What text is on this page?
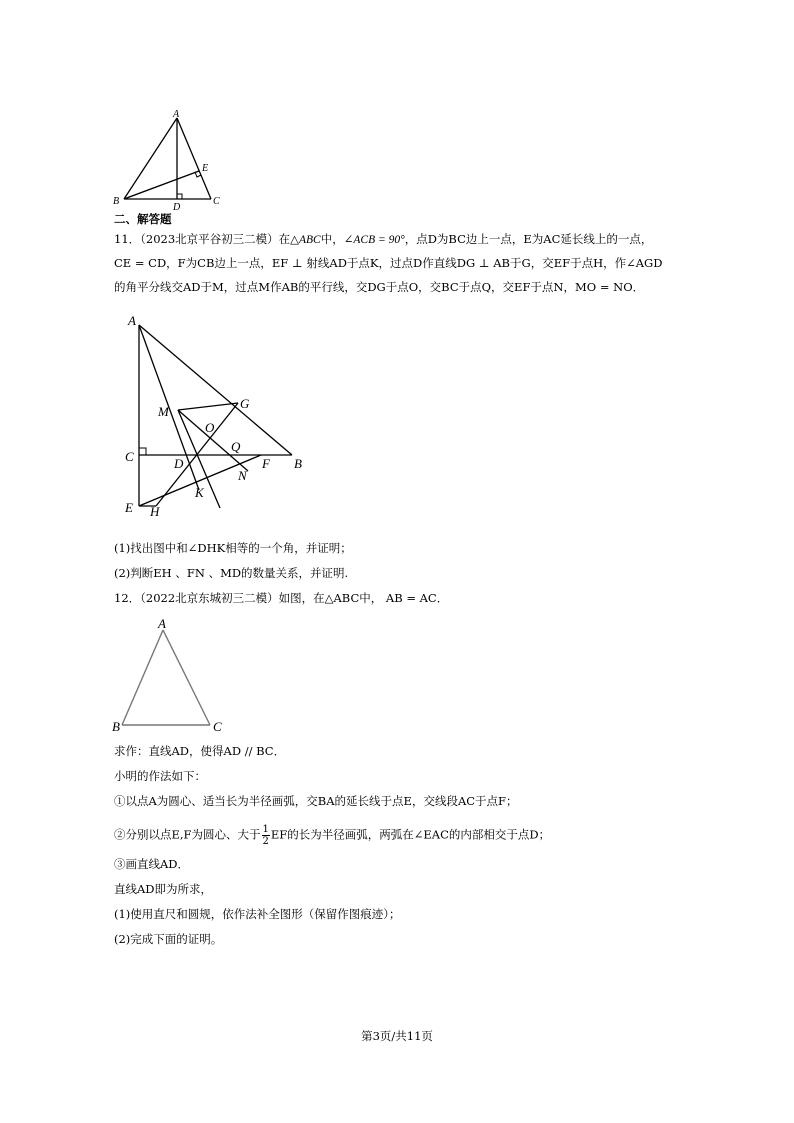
A
B	C
D
E
二、解答题
11．（2023北京平谷初三二模）在△ABC中，∠ACB = 90°，点D为BC边上一点，E为AC延长线上的一点，
CE = CD，F为CB边上一点，EF ⊥ 射线AD于点K，过点D作直线DG ⊥ AB于G，交EF于点H，作∠AGD
的角平分线交AD于M，过点M作AB的平行线，交DG于点O，交BC于点Q，交EF于点N，MO = NO．
A
M
G
O
Q
C	D	F B
N
K
E H
(1)找出图中和∠DHK相等的一个角，并证明；
(2)判断EH 、FN 、MD的数量关系，并证明.
12．（2022北京东城初三二模）如图，在△ABC中， AB = AC．
A
B	C
求作：直线AD，使得AD // BC．
小明的作法如下：
①以点A为圆心、适当长为半径画弧，交BA的延长线于点E，交线段AC于点F；
②分别以点E,F为圆心、大于 $\frac{1}{2}$ EF的长为半径画弧，两弧在∠EAC的内部相交于点D；
③画直线AD．
直线AD即为所求，
(1)使用直尺和圆规，依作法补全图形（保留作图痕迹）；
(2)完成下面的证明。
第3页/共11页
